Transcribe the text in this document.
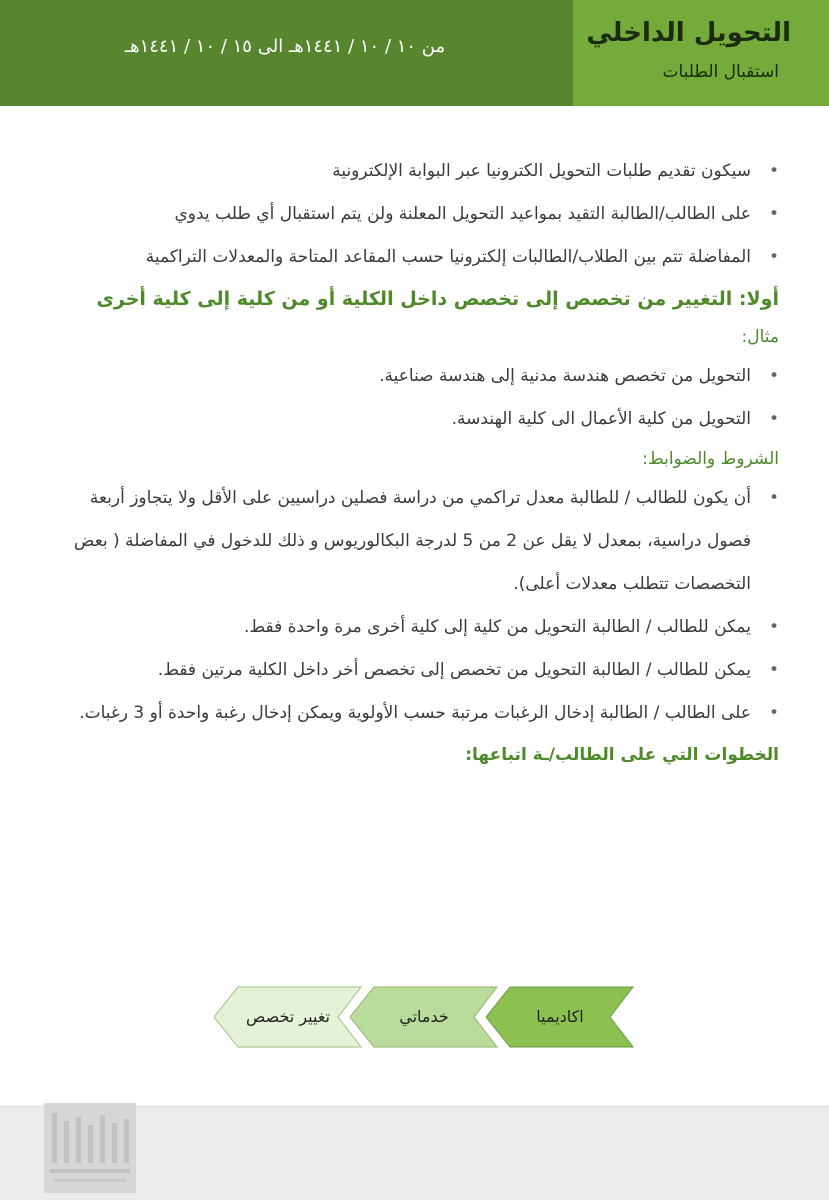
من ١٠ / ١٠ / ١٤٤١هـ الى ١٥ / ١٠ / ١٤٤١هـ	التحويل الداخلي
استقبال الطلبات
• سيكون تقديم طلبات التحويل الكترونيا عبر البوابة الإلكترونية
• على الطالب/الطالبة التقيد بمواعيد التحويل المعلنة ولن يتم استقبال أي طلب يدوي
• المفاضلة تتم بين الطلاب/الطالبات إلكترونيا حسب المقاعد المتاحة والمعدلات التراكمية
أولا: التغيير من تخصص إلى تخصص داخل الكلية أو من كلية إلى كلية أخرى
مثال:
• التحويل من تخصص هندسة مدنية إلى هندسة صناعية.
• التحويل من كلية الأعمال الى كلية الهندسة.
الشروط والضوابط:
• أن يكون للطالب / للطالبة معدل تراكمي من دراسة فصلين دراسيين على الأقل ولا يتجاوز أربعة فصول دراسية، بمعدل لا يقل عن 2 من 5 لدرجة البكالوريوس و ذلك للدخول في المفاضلة ( بعض التخصصات تتطلب معدلات أعلى).
• يمكن للطالب / الطالبة التحويل من كلية إلى كلية أخرى مرة واحدة فقط.
• يمكن للطالب / الطالبة التحويل من تخصص إلى تخصص أخر داخل الكلية مرتين فقط.
• على الطالب / الطالبة إدخال الرغبات مرتبة حسب الأولوية ويمكن إدخال رغبة واحدة أو 3 رغبات.
الخطوات التي على الطالب/ـة اتباعها:
اكاديميا
خدماتي
تغيير تخصص
